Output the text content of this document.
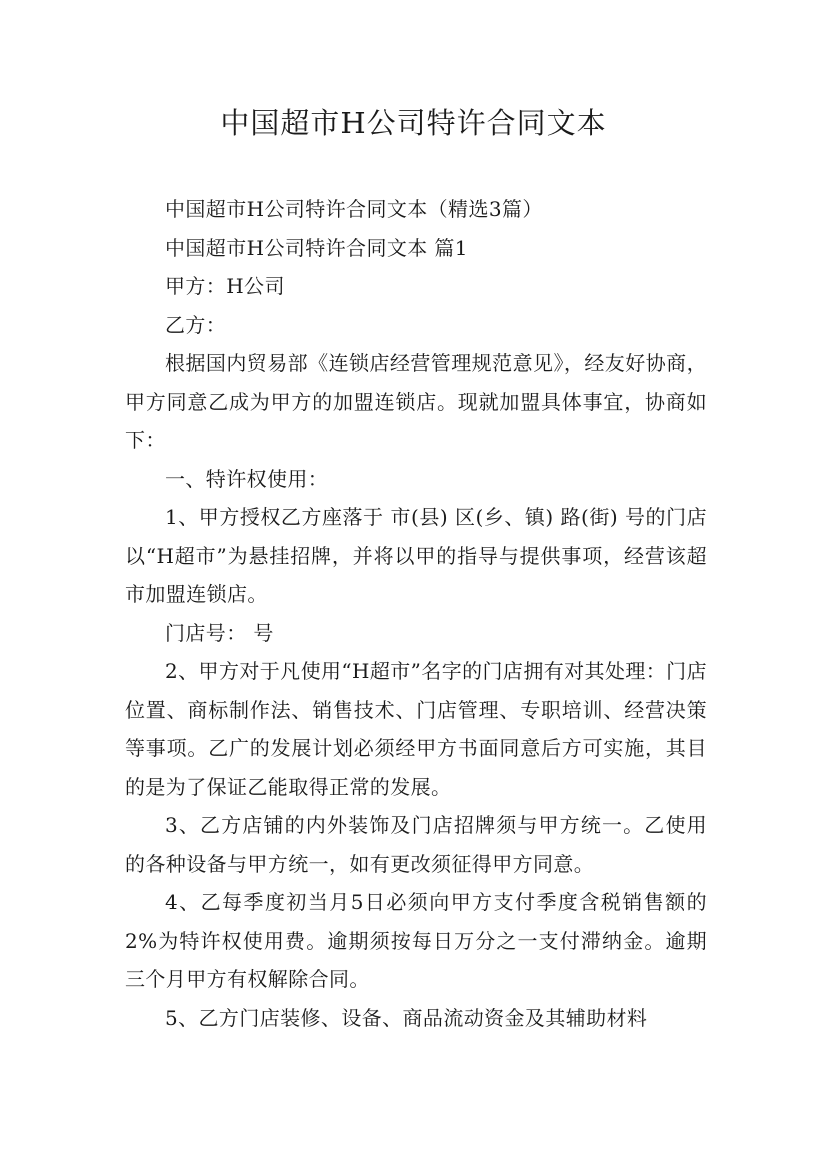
中国超市H公司特许合同文本

中国超市H公司特许合同文本（精选3篇）

中国超市H公司特许合同文本 篇1

甲方：H公司

乙方：

根据国内贸易部《连锁店经营管理规范意见》，经友好协商，甲方同意乙成为甲方的加盟连锁店。现就加盟具体事宜，协商如下：

一、特许权使用：

1、甲方授权乙方座落于 市(县) 区(乡、镇) 路(街) 号的门店以“H超市”为悬挂招牌，并将以甲的指导与提供事项，经营该超市加盟连锁店。

门店号： 号

2、甲方对于凡使用“H超市”名字的门店拥有对其处理：门店位置、商标制作法、销售技术、门店管理、专职培训、经营决策等事项。乙广的发展计划必须经甲方书面同意后方可实施，其目的是为了保证乙能取得正常的发展。

3、乙方店铺的内外装饰及门店招牌须与甲方统一。乙使用的各种设备与甲方统一，如有更改须征得甲方同意。

4、乙每季度初当月5日必须向甲方支付季度含税销售额的2%为特许权使用费。逾期须按每日万分之一支付滞纳金。逾期三个月甲方有权解除合同。

5、乙方门店装修、设备、商品流动资金及其辅助材料
